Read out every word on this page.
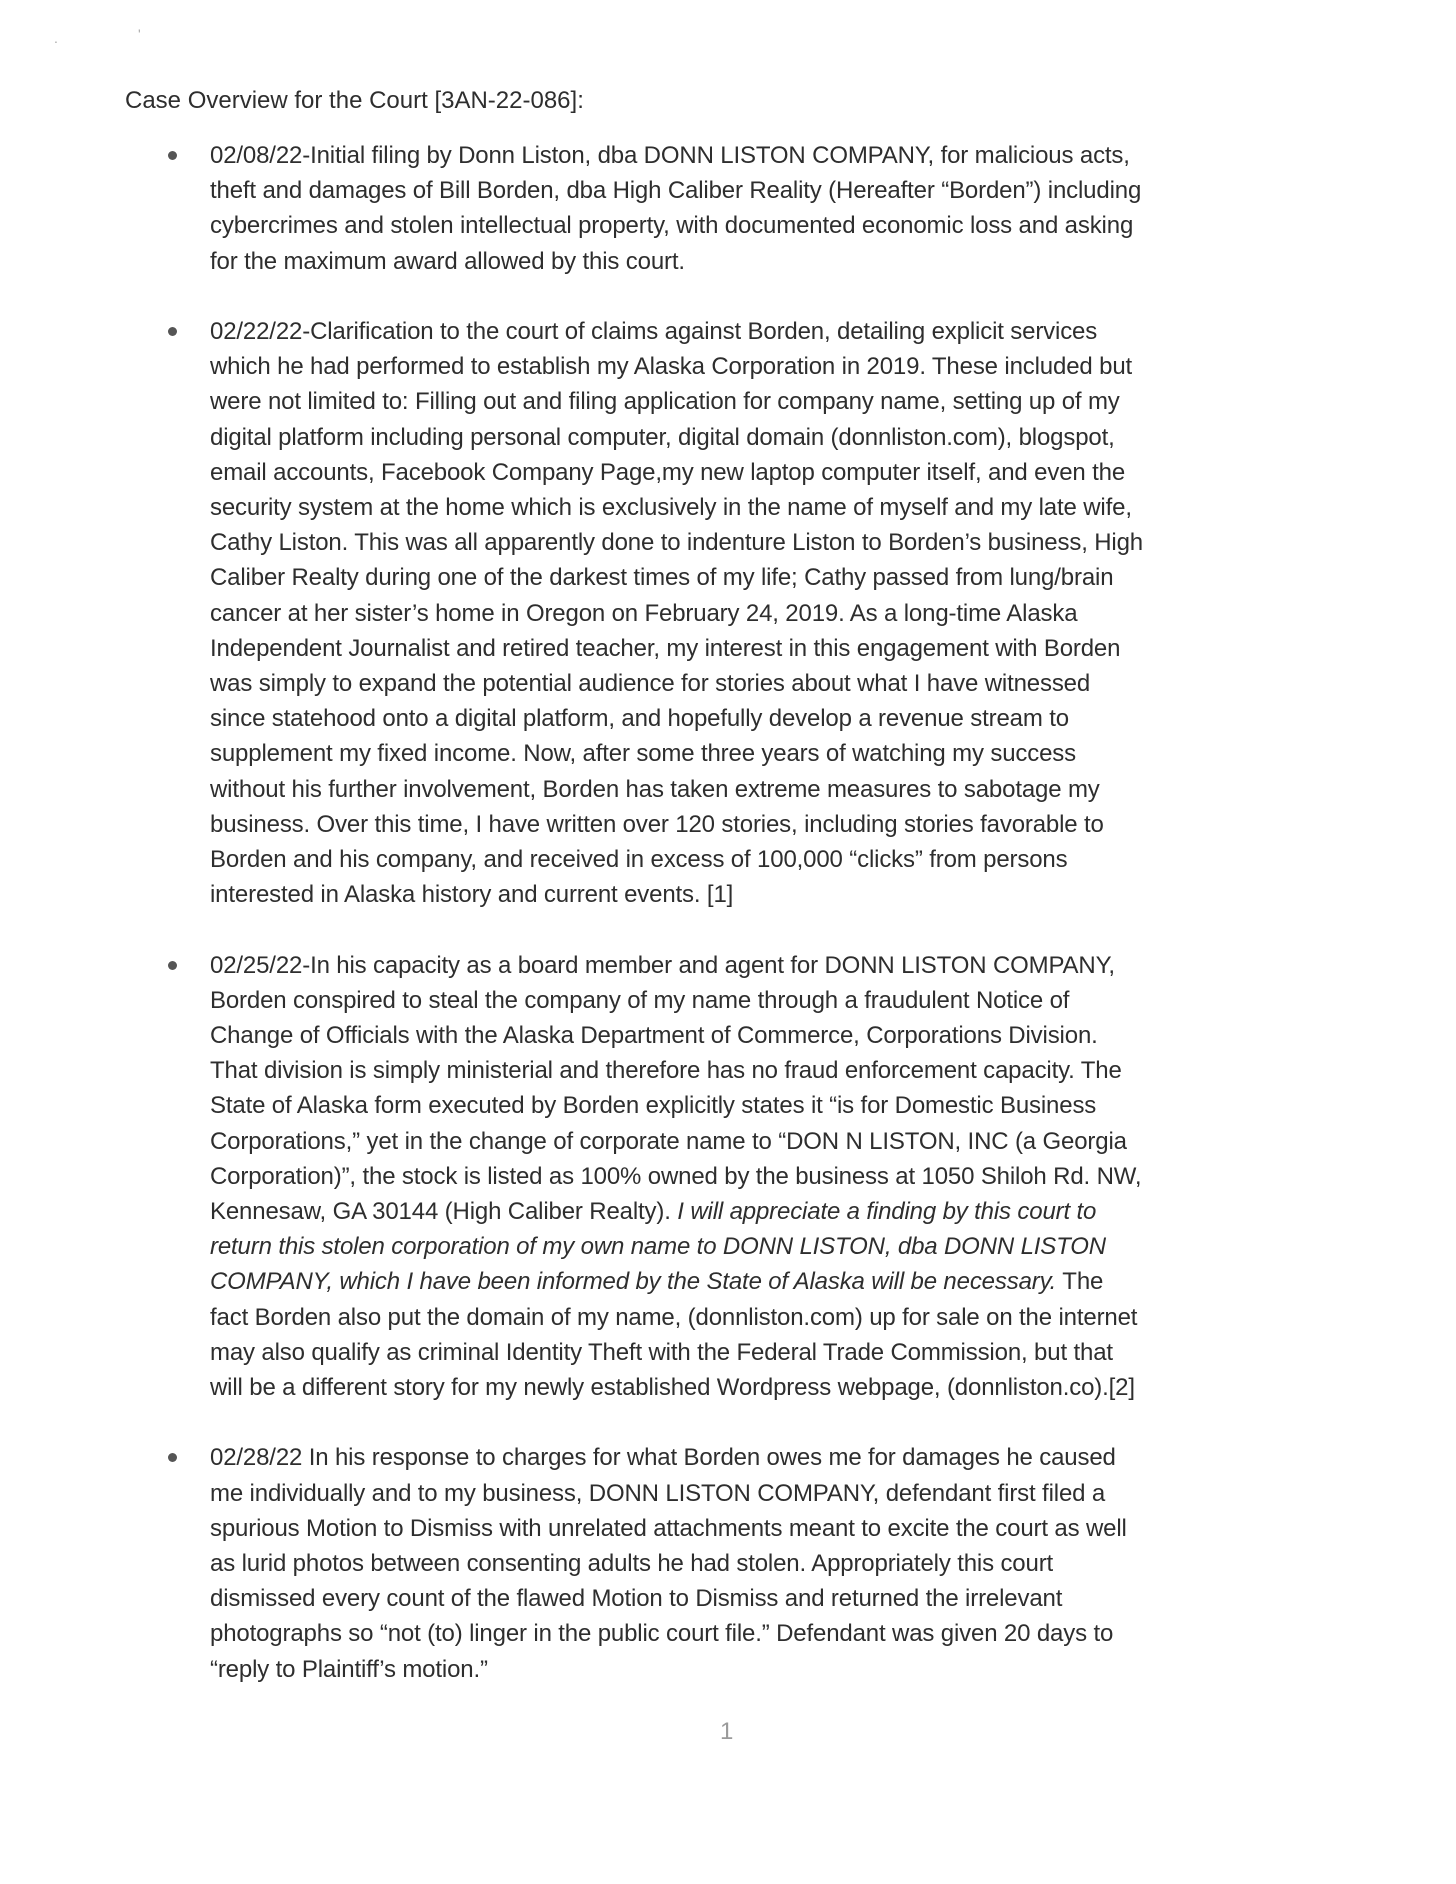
.	'
Case Overview for the Court [3AN-22-086]:
02/08/22-Initial filing by Donn Liston, dba DONN LISTON COMPANY, for malicious acts,
theft and damages of Bill Borden, dba High Caliber Reality (Hereafter “Borden”) including
cybercrimes and stolen intellectual property, with documented economic loss and asking
for the maximum award allowed by this court.
02/22/22-Clarification to the court of claims against Borden, detailing explicit services
which he had performed to establish my Alaska Corporation in 2019. These included but
were not limited to: Filling out and filing application for company name, setting up of my
digital platform including personal computer, digital domain (donnliston.com), blogspot,
email accounts, Facebook Company Page,my new laptop computer itself, and even the
security system at the home which is exclusively in the name of myself and my late wife,
Cathy Liston. This was all apparently done to indenture Liston to Borden’s business, High
Caliber Realty during one of the darkest times of my life; Cathy passed from lung/brain
cancer at her sister’s home in Oregon on February 24, 2019. As a long-time Alaska
Independent Journalist and retired teacher, my interest in this engagement with Borden
was simply to expand the potential audience for stories about what I have witnessed
since statehood onto a digital platform, and hopefully develop a revenue stream to
supplement my fixed income. Now, after some three years of watching my success
without his further involvement, Borden has taken extreme measures to sabotage my
business. Over this time, I have written over 120 stories, including stories favorable to
Borden and his company, and received in excess of 100,000 “clicks” from persons
interested in Alaska history and current events. [1]
02/25/22-In his capacity as a board member and agent for DONN LISTON COMPANY,
Borden conspired to steal the company of my name through a fraudulent Notice of
Change of Officials with the Alaska Department of Commerce, Corporations Division.
That division is simply ministerial and therefore has no fraud enforcement capacity. The
State of Alaska form executed by Borden explicitly states it “is for Domestic Business
Corporations,” yet in the change of corporate name to “DON N LISTON, INC (a Georgia
Corporation)”, the stock is listed as 100% owned by the business at 1050 Shiloh Rd. NW,
Kennesaw, GA 30144 (High Caliber Realty). I will appreciate a finding by this court to
return this stolen corporation of my own name to DONN LISTON, dba DONN LISTON
COMPANY, which I have been informed by the State of Alaska will be necessary. The
fact Borden also put the domain of my name, (donnliston.com) up for sale on the internet
may also qualify as criminal Identity Theft with the Federal Trade Commission, but that
will be a different story for my newly established Wordpress webpage, (donnliston.co).[2]
02/28/22 In his response to charges for what Borden owes me for damages he caused
me individually and to my business, DONN LISTON COMPANY, defendant first filed a
spurious Motion to Dismiss with unrelated attachments meant to excite the court as well
as lurid photos between consenting adults he had stolen. Appropriately this court
dismissed every count of the flawed Motion to Dismiss and returned the irrelevant
photographs so “not (to) linger in the public court file.” Defendant was given 20 days to
“reply to Plaintiff’s motion.”
1
